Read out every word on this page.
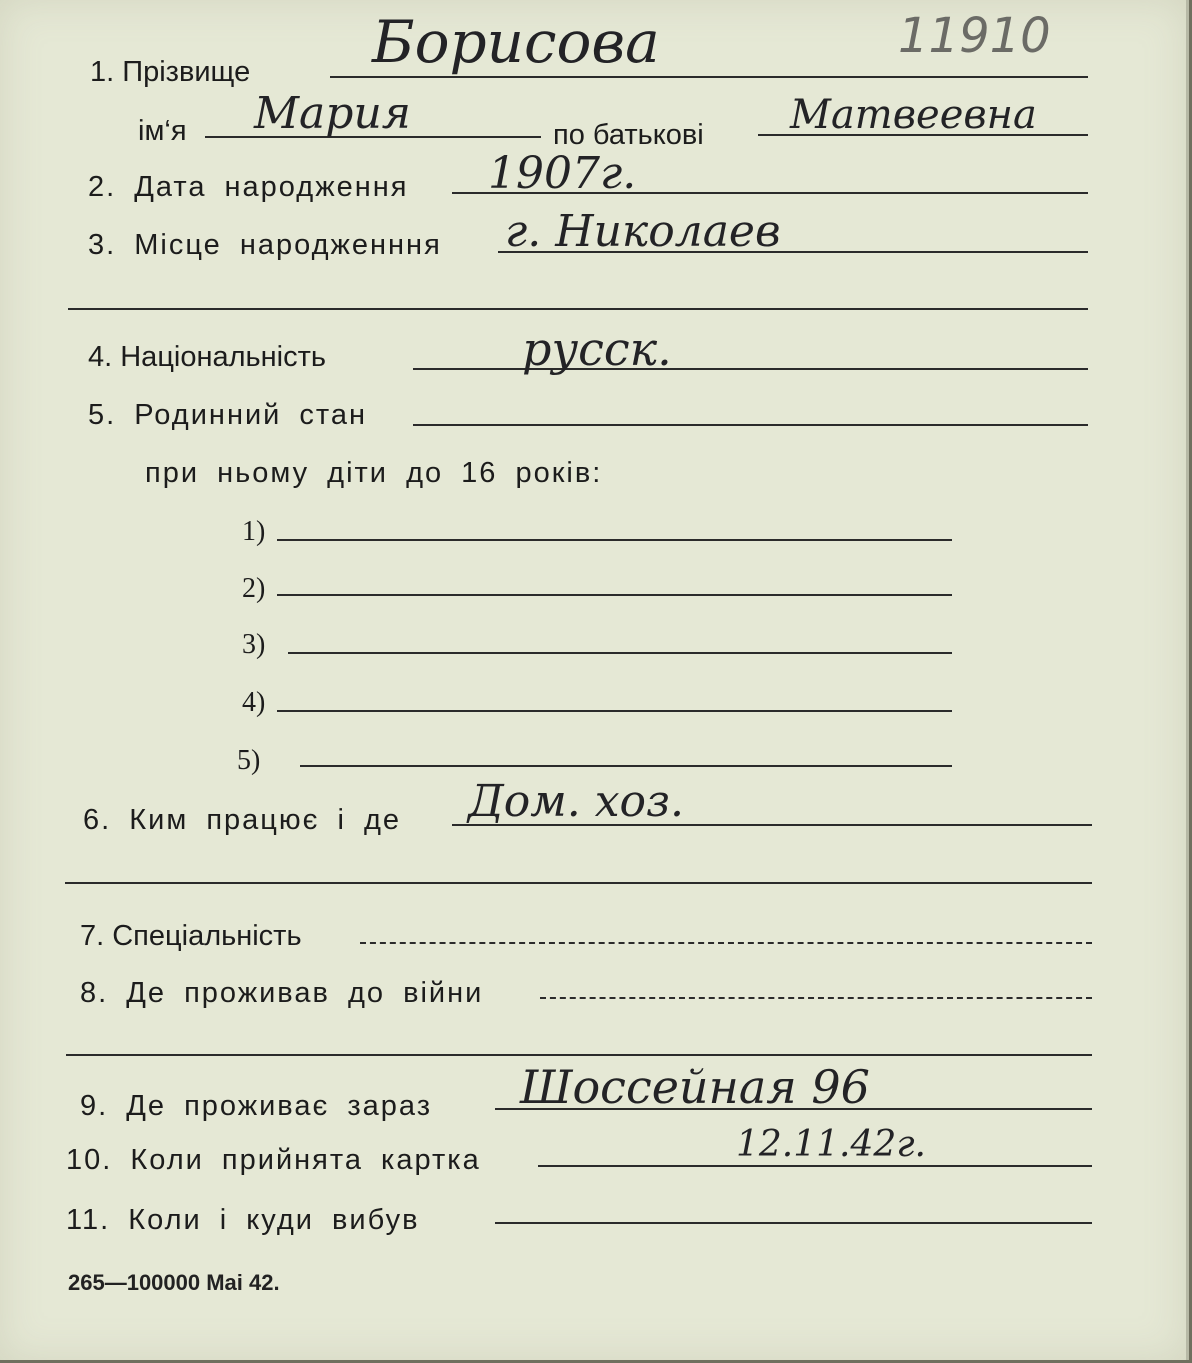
11910
1. Прізвище Борисова
ім‘я Мария	по батькові Матвеевна
2. Дата народження 1907г.
3. Місце народженння г. Николаев
4. Національність	русск.
5. Родинний стан
при ньому діти до 16 років:
1)
2)
3)
4)
5)
6. Ким працює і де Дом. хоз.
7. Спеціальність
8. Де проживав до війни
9. Де проживає зараз Шоссейная 96
10. Коли прийнята картка	12.11.42г.
11. Коли і куди вибув
265—100000 Mai 42.
